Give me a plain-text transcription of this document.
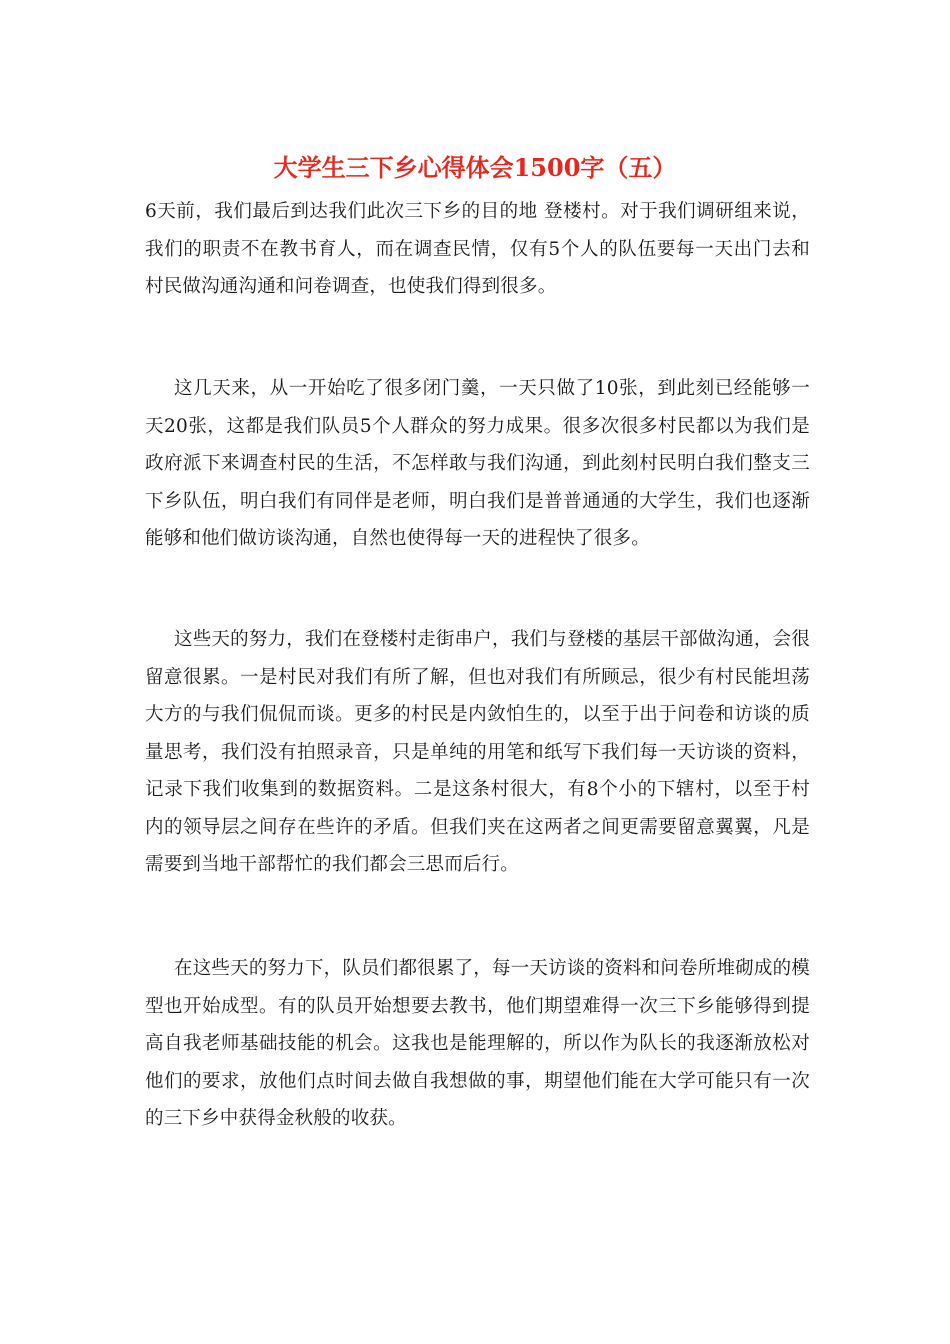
大学生三下乡心得体会1500字（五）

6天前，我们最后到达我们此次三下乡的目的地 登楼村。对于我们调研组来说，我们的职责不在教书育人，而在调查民情，仅有5个人的队伍要每一天出门去和村民做沟通沟通和问卷调查，也使我们得到很多。

这几天来，从一开始吃了很多闭门羹，一天只做了10张，到此刻已经能够一天20张，这都是我们队员5个人群众的努力成果。很多次很多村民都以为我们是政府派下来调查村民的生活，不怎样敢与我们沟通，到此刻村民明白我们整支三下乡队伍，明白我们有同伴是老师，明白我们是普普通通的大学生，我们也逐渐能够和他们做访谈沟通，自然也使得每一天的进程快了很多。

这些天的努力，我们在登楼村走街串户，我们与登楼的基层干部做沟通，会很留意很累。一是村民对我们有所了解，但也对我们有所顾忌，很少有村民能坦荡大方的与我们侃侃而谈。更多的村民是内敛怕生的，以至于出于问卷和访谈的质量思考，我们没有拍照录音，只是单纯的用笔和纸写下我们每一天访谈的资料，记录下我们收集到的数据资料。二是这条村很大，有8个小的下辖村，以至于村内的领导层之间存在些许的矛盾。但我们夹在这两者之间更需要留意翼翼，凡是需要到当地干部帮忙的我们都会三思而后行。

在这些天的努力下，队员们都很累了，每一天访谈的资料和问卷所堆砌成的模型也开始成型。有的队员开始想要去教书，他们期望难得一次三下乡能够得到提高自我老师基础技能的机会。这我也是能理解的，所以作为队长的我逐渐放松对他们的要求，放他们点时间去做自我想做的事，期望他们能在大学可能只有一次的三下乡中获得金秋般的收获。
